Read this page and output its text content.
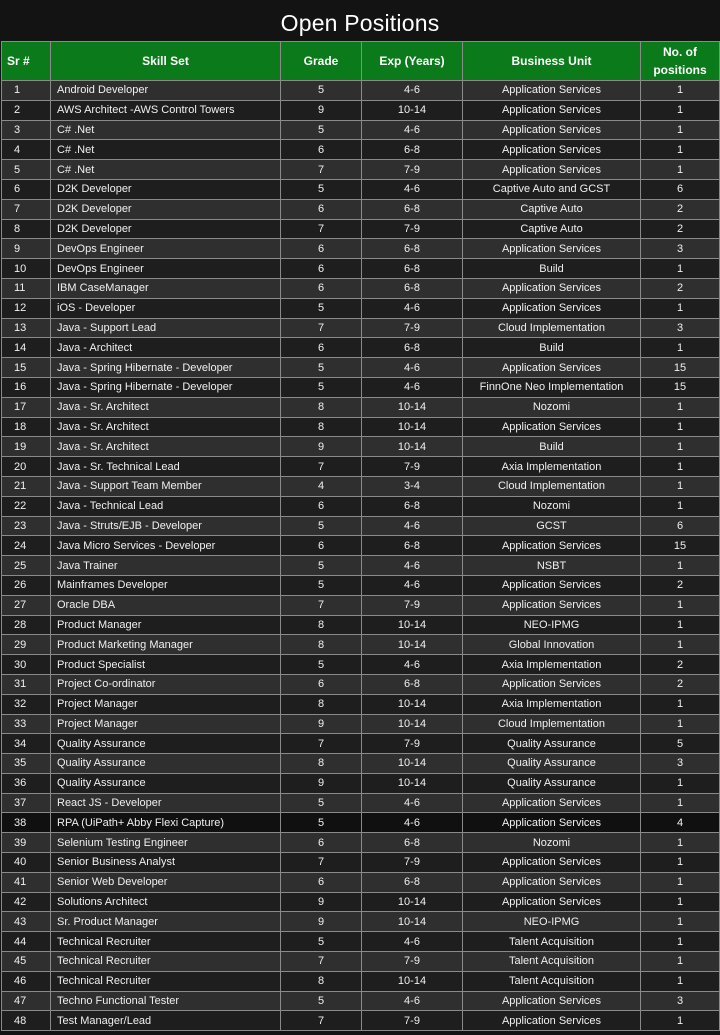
Open Positions
Sr #	Skill Set	Grade	Exp (Years)	Business Unit	No. of positions
1	Android Developer	5	4-6	Application Services	1
2	AWS Architect -AWS Control Towers	9	10-14	Application Services	1
3	C# .Net	5	4-6	Application Services	1
4	C# .Net	6	6-8	Application Services	1
5	C# .Net	7	7-9	Application Services	1
6	D2K Developer	5	4-6	Captive Auto and GCST	6
7	D2K Developer	6	6-8	Captive Auto	2
8	D2K Developer	7	7-9	Captive Auto	2
9	DevOps Engineer	6	6-8	Application Services	3
10	DevOps Engineer	6	6-8	Build	1
11	IBM CaseManager	6	6-8	Application Services	2
12	iOS - Developer	5	4-6	Application Services	1
13	Java - Support Lead	7	7-9	Cloud Implementation	3
14	Java - Architect	6	6-8	Build	1
15	Java - Spring Hibernate - Developer	5	4-6	Application Services	15
16	Java - Spring Hibernate - Developer	5	4-6	FinnOne Neo Implementation	15
17	Java - Sr. Architect	8	10-14	Nozomi	1
18	Java - Sr. Architect	8	10-14	Application Services	1
19	Java - Sr. Architect	9	10-14	Build	1
20	Java - Sr. Technical Lead	7	7-9	Axia Implementation	1
21	Java - Support Team Member	4	3-4	Cloud Implementation	1
22	Java - Technical Lead	6	6-8	Nozomi	1
23	Java - Struts/EJB - Developer	5	4-6	GCST	6
24	Java Micro Services - Developer	6	6-8	Application Services	15
25	Java Trainer	5	4-6	NSBT	1
26	Mainframes Developer	5	4-6	Application Services	2
27	Oracle DBA	7	7-9	Application Services	1
28	Product Manager	8	10-14	NEO-IPMG	1
29	Product Marketing Manager	8	10-14	Global Innovation	1
30	Product Specialist	5	4-6	Axia Implementation	2
31	Project Co-ordinator	6	6-8	Application Services	2
32	Project Manager	8	10-14	Axia Implementation	1
33	Project Manager	9	10-14	Cloud Implementation	1
34	Quality Assurance	7	7-9	Quality Assurance	5
35	Quality Assurance	8	10-14	Quality Assurance	3
36	Quality Assurance	9	10-14	Quality Assurance	1
37	React JS - Developer	5	4-6	Application Services	1
38	RPA (UiPath+ Abby Flexi Capture)	5	4-6	Application Services	4
39	Selenium Testing Engineer	6	6-8	Nozomi	1
40	Senior Business Analyst	7	7-9	Application Services	1
41	Senior Web Developer	6	6-8	Application Services	1
42	Solutions Architect	9	10-14	Application Services	1
43	Sr. Product Manager	9	10-14	NEO-IPMG	1
44	Technical Recruiter	5	4-6	Talent Acquisition	1
45	Technical Recruiter	7	7-9	Talent Acquisition	1
46	Technical Recruiter	8	10-14	Talent Acquisition	1
47	Techno Functional Tester	5	4-6	Application Services	3
48	Test Manager/Lead	7	7-9	Application Services	1
